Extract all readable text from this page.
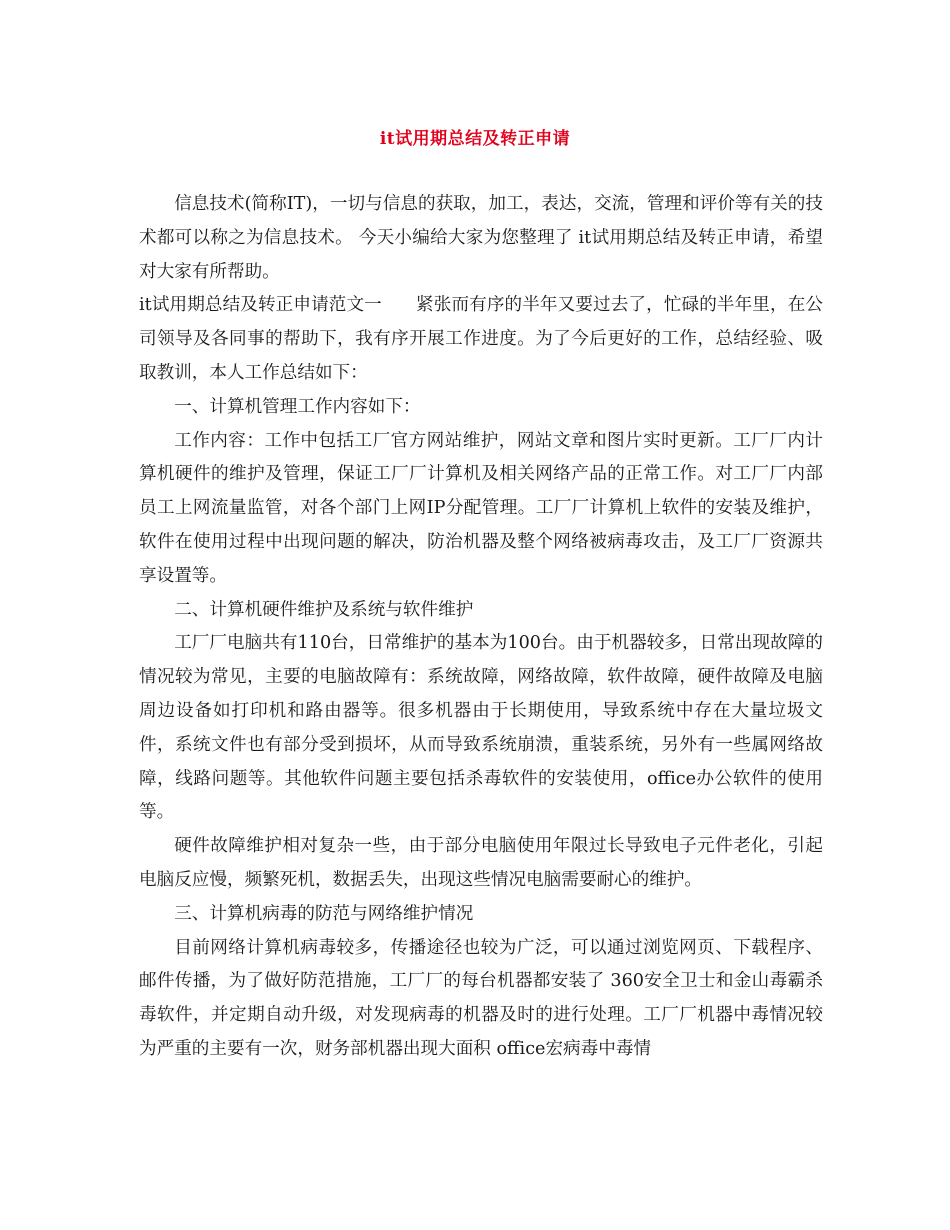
it试用期总结及转正申请

信息技术(简称IT)，一切与信息的获取，加工，表达，交流，管理和评价等有关的技术都可以称之为信息技术。 今天小编给大家为您整理了 it试用期总结及转正申请，希望对大家有所帮助。

it试用期总结及转正申请范文一      紧张而有序的半年又要过去了，忙碌的半年里，在公司领导及各同事的帮助下，我有序开展工作进度。为了今后更好的工作，总结经验、吸取教训，本人工作总结如下：

一、计算机管理工作内容如下：

工作内容：工作中包括工厂官方网站维护，网站文章和图片实时更新。工厂厂内计算机硬件的维护及管理，保证工厂厂计算机及相关网络产品的正常工作。对工厂厂内部员工上网流量监管，对各个部门上网IP分配管理。工厂厂计算机上软件的安装及维护，软件在使用过程中出现问题的解决，防治机器及整个网络被病毒攻击，及工厂厂资源共享设置等。

二、计算机硬件维护及系统与软件维护

工厂厂电脑共有110台，日常维护的基本为100台。由于机器较多，日常出现故障的情况较为常见，主要的电脑故障有：系统故障，网络故障，软件故障，硬件故障及电脑周边设备如打印机和路由器等。很多机器由于长期使用，导致系统中存在大量垃圾文件，系统文件也有部分受到损坏，从而导致系统崩溃，重装系统，另外有一些属网络故障，线路问题等。其他软件问题主要包括杀毒软件的安装使用，office办公软件的使用等。

硬件故障维护相对复杂一些，由于部分电脑使用年限过长导致电子元件老化，引起电脑反应慢，频繁死机，数据丢失，出现这些情况电脑需要耐心的维护。

三、计算机病毒的防范与网络维护情况

目前网络计算机病毒较多，传播途径也较为广泛，可以通过浏览网页、下载程序、邮件传播，为了做好防范措施，工厂厂的每台机器都安装了 360安全卫士和金山毒霸杀毒软件，并定期自动升级，对发现病毒的机器及时的进行处理。工厂厂机器中毒情况较为严重的主要有一次，财务部机器出现大面积 office宏病毒中毒情
